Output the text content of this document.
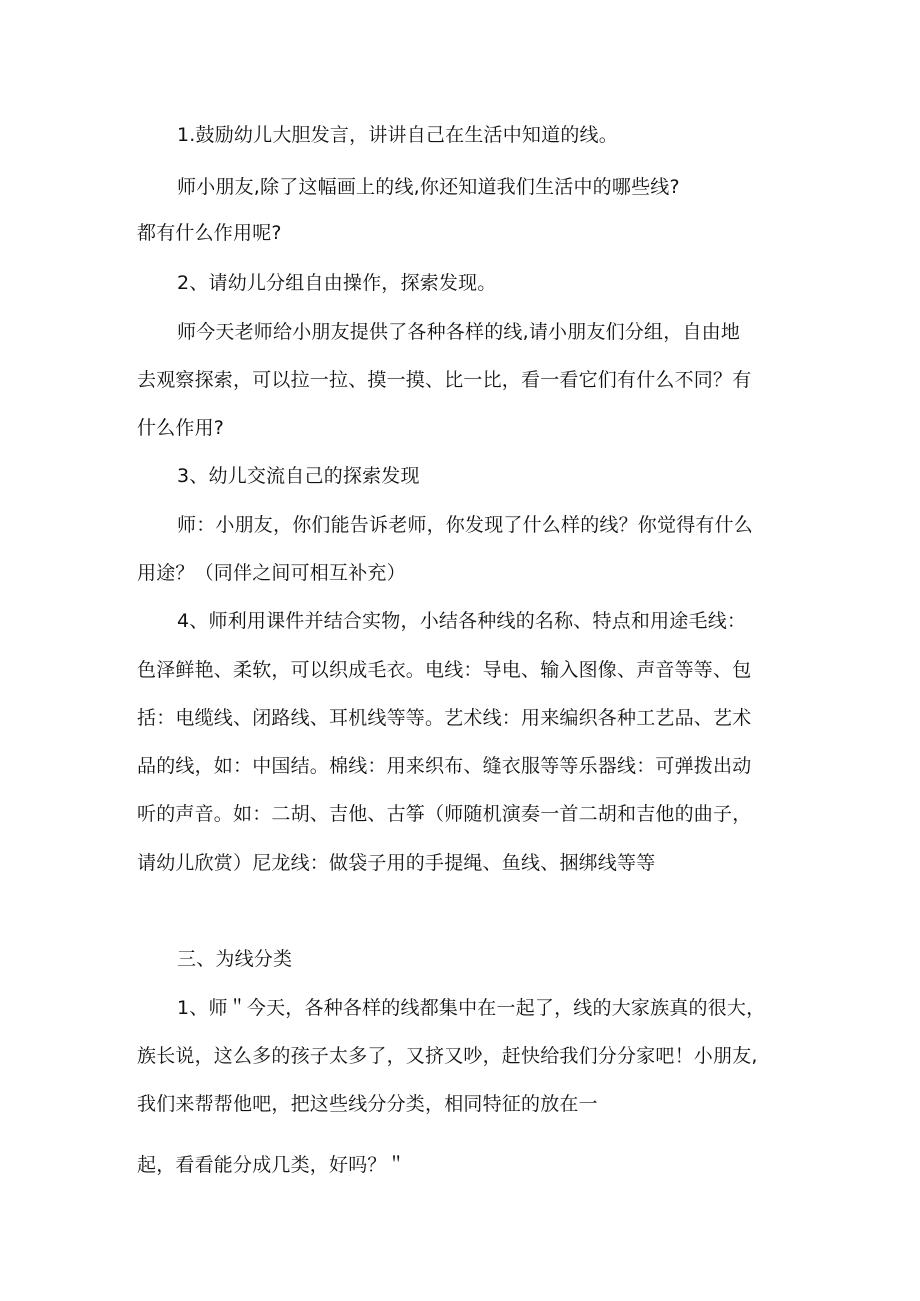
1.鼓励幼儿大胆发言，讲讲自己在生活中知道的线。
师小朋友,除了这幅画上的线,你还知道我们生活中的哪些线?
都有什么作用呢?
2、请幼儿分组自由操作，探索发现。
师今天老师给小朋友提供了各种各样的线,请小朋友们分组，自由地
去观察探索，可以拉一拉、摸一摸、比一比，看一看它们有什么不同？有
什么作用?
3、幼儿交流自己的探索发现
师：小朋友，你们能告诉老师，你发现了什么样的线？你觉得有什么
用途？（同伴之间可相互补充）
4、师利用课件并结合实物，小结各种线的名称、特点和用途毛线：
色泽鲜艳、柔软，可以织成毛衣。电线：导电、输入图像、声音等等、包
括：电缆线、闭路线、耳机线等等。艺术线：用来编织各种工艺品、艺术
品的线，如：中国结。棉线：用来织布、缝衣服等等乐器线：可弹拨出动
听的声音。如：二胡、吉他、古筝（师随机演奏一首二胡和吉他的曲子，
请幼儿欣赏）尼龙线：做袋子用的手提绳、鱼线、捆绑线等等
三、为线分类
1、师＂今天，各种各样的线都集中在一起了，线的大家族真的很大，
族长说，这么多的孩子太多了，又挤又吵，赶快给我们分分家吧！小朋友,
我们来帮帮他吧，把这些线分分类，相同特征的放在一
起，看看能分成几类，好吗？＂
